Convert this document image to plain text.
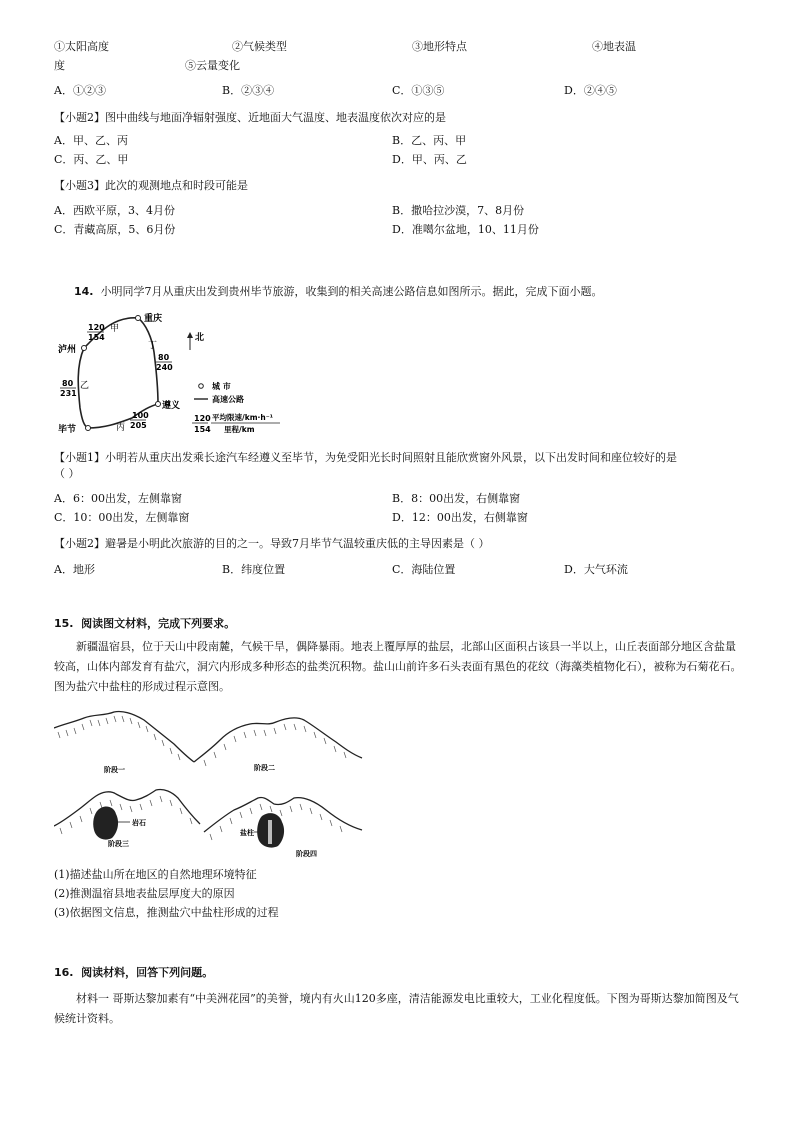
①太阳高度	②气候类型	③地形特点	④地表温
度	⑤云量变化
A．①②③	B．②③④	C．①③⑤	D．②④⑤
【小题2】图中曲线与地面净辐射强度、近地面大气温度、地表温度依次对应的是
A．甲、乙、丙	B．乙、丙、甲
C．丙、乙、甲	D．甲、丙、乙
【小题3】此次的观测地点和时段可能是
A．西欧平原，3、4月份	B．撒哈拉沙漠，7、8月份
C．青藏高原，5、6月份	D．准噶尔盆地，10、11月份
14. 小明同学7月从重庆出发到贵州毕节旅游，收集到的相关高速公路信息如图所示。据此，完成下面小题。
重庆
泸州
遵义
毕节
甲
乙
丙
丁
120
154
80
240
80
231
100
205
北
城 市
高速公路
120
154
平均限速/km·h⁻¹
里程/km
【小题1】小明若从重庆出发乘长途汽车经遵义至毕节，为免受阳光长时间照射且能欣赏窗外风景，以下出发时间和座位较好的是
（ ）
A．6：00出发，左侧靠窗	B．8：00出发，右侧靠窗
C．10：00出发，左侧靠窗	D．12：00出发，右侧靠窗
【小题2】避暑是小明此次旅游的目的之一。导致7月毕节气温较重庆低的主导因素是（ ）
A．地形	B．纬度位置	C．海陆位置	D．大气环流
15. 阅读图文材料，完成下列要求。
新疆温宿县，位于天山中段南麓，气候干旱，偶降暴雨。地表上覆厚厚的盐层，北部山区面积占该县一半以上，山丘表面部分地区含盐量较高，山体内部发育有盐穴，洞穴内形成多种形态的盐类沉积物。盐山山前许多石头表面有黑色的花纹（海藻类植物化石），被称为石菊花石。图为盐穴中盐柱的形成过程示意图。
阶段一	阶段二
岩石
阶段三
盐柱
阶段四
(1)描述盐山所在地区的自然地理环境特征
(2)推测温宿县地表盐层厚度大的原因
(3)依据图文信息，推测盐穴中盐柱形成的过程
16. 阅读材料，回答下列问题。
材料一 哥斯达黎加素有“中美洲花园”的美誉，境内有火山120多座，清洁能源发电比重较大，工业化程度低。下图为哥斯达黎加简图及气候统计资料。
